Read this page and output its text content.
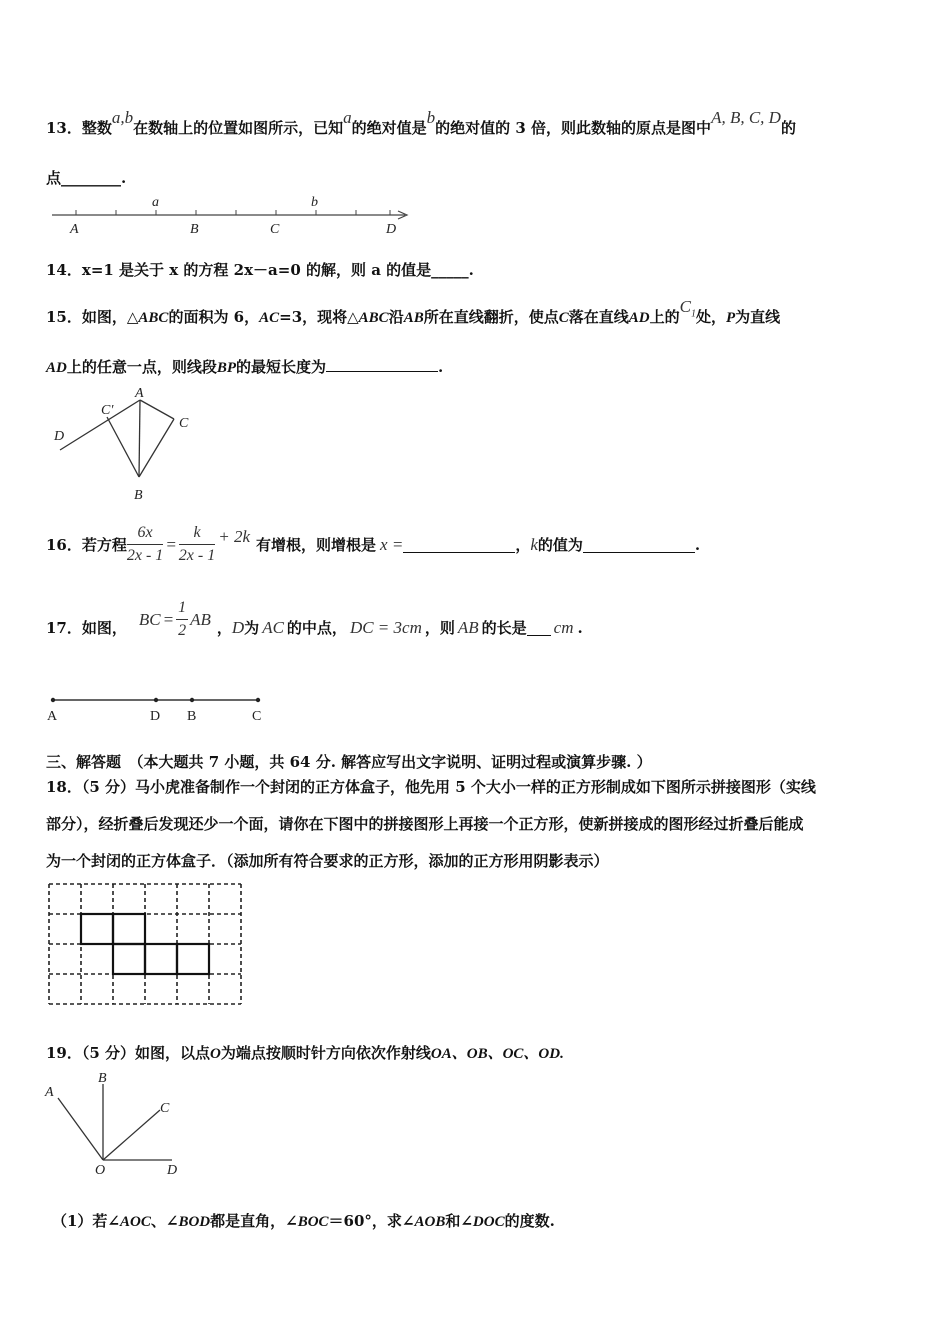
13．整数a,b在数轴上的位置如图所示，已知a的绝对值是b的绝对值的 3 倍，则此数轴的原点是图中A, B, C, D的
点________.
A	B	C	D
a	b
14．x=1 是关于 x 的方程 2x－a=0 的解，则 a 的值是_____.
15．如图，△ABC的面积为 6，AC=3，现将△ABC沿AB所在直线翻折，使点C落在直线AD上的$C_1$处，P为直线
AD上的任意一点，则线段BP的最短长度为	.
A
C′
C
D
B
16．若方程 $\frac{6x}{2x - 1} = \frac{k}{2x - 1} + 2k$ 有增根，则增根是 x =	， k 的值为	.
17．如图， BC = $\frac{1}{2}$ AB ， D 为 AC 的中点， DC = 3cm ，则 AB 的长是 cm .
A	D B	C
三、解答题　（本大题共 7 小题，共 64 分. 解答应写出文字说明、证明过程或演算步骤. ）
18．（5 分）马小虎准备制作一个封闭的正方体盒子，他先用 5 个大小一样的正方形制成如下图所示拼接图形（实线
部分），经折叠后发现还少一个面，请你在下图中的拼接图形上再接一个正方形，使新拼接成的图形经过折叠后能成
为一个封闭的正方体盒子．（添加所有符合要求的正方形，添加的正方形用阴影表示）
19．（5 分）如图，以点O为端点按顺时针方向依次作射线OA、OB、OC、OD.
A
B
C
O	D
（1）若∠AOC、∠BOD都是直角，∠BOC＝60°，求∠AOB和∠DOC的度数.
